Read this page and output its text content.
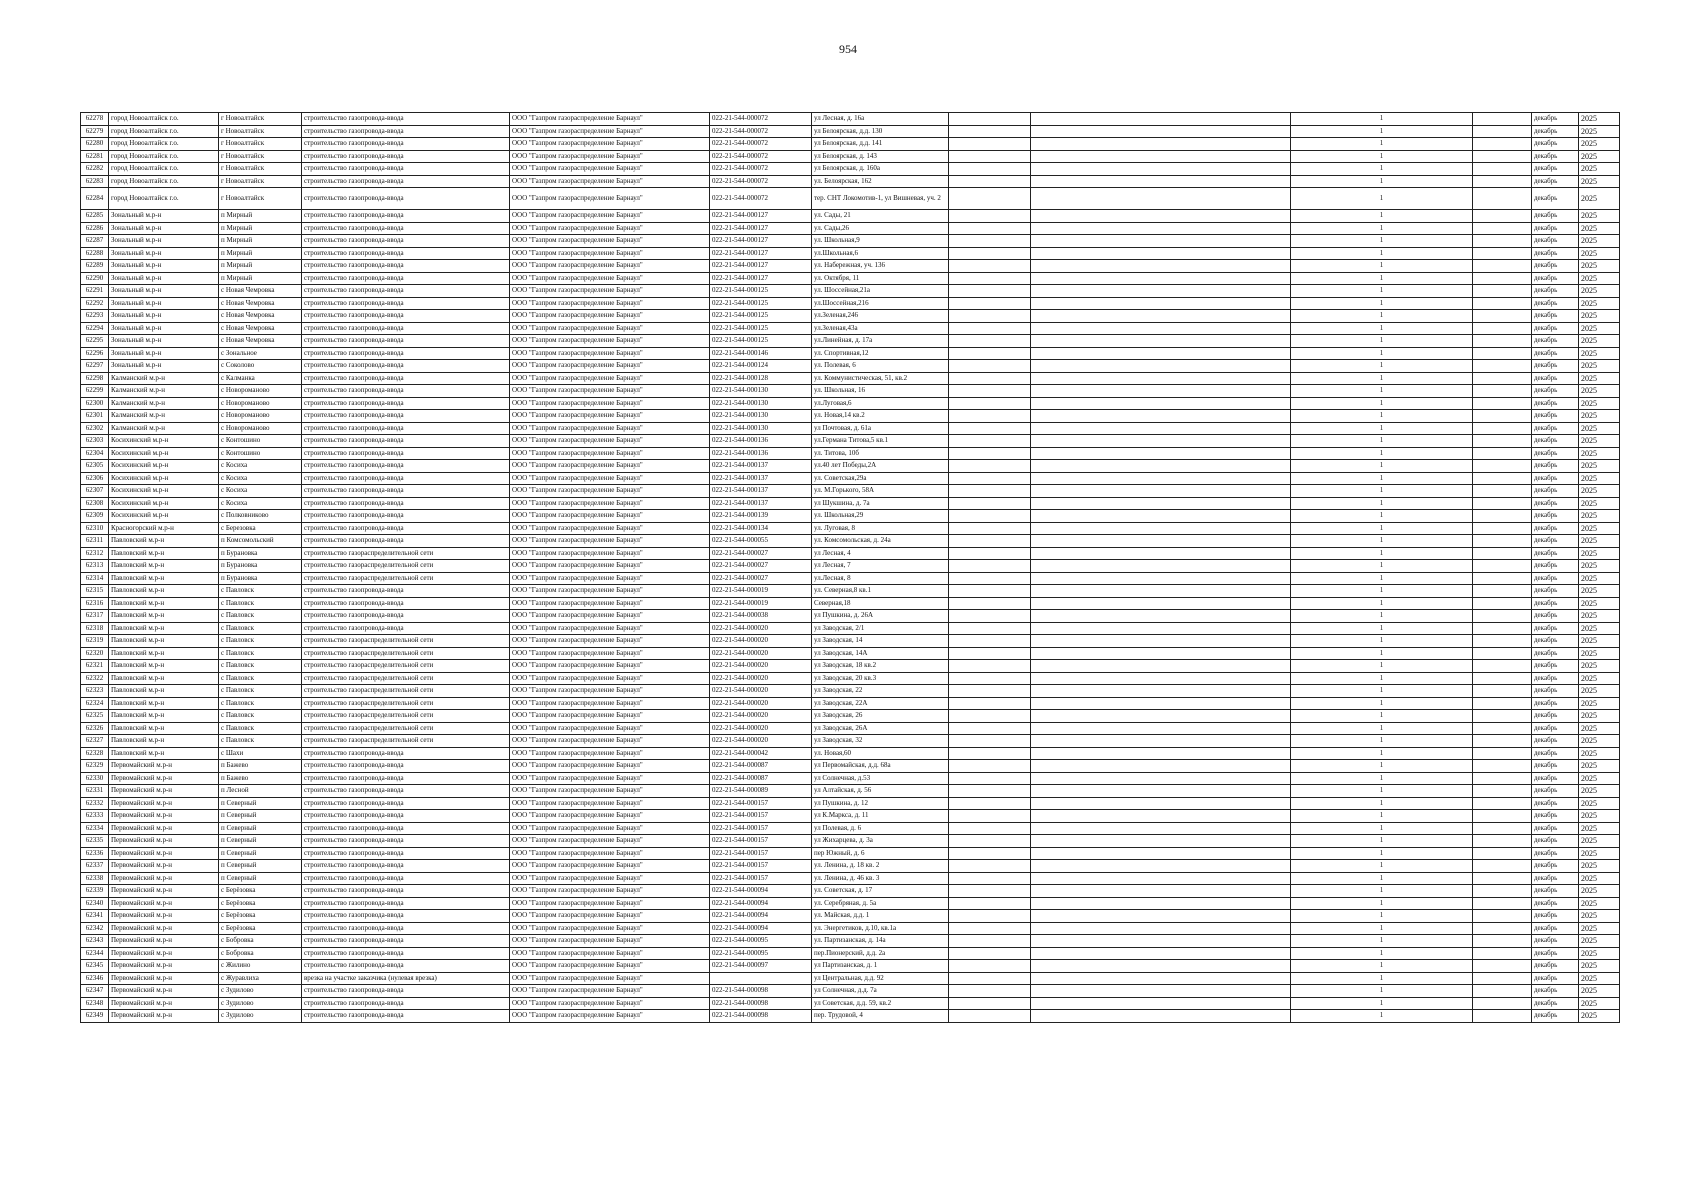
954
62278	город Новоалтайск г.о.	г Новоалтайск	строительство газопровода-ввода	ООО "Газпром газораспределение Барнаул"	022-21-544-000072	ул Лесная, д. 16а			1		декабрь	2025
62279	город Новоалтайск г.о.	г Новоалтайск	строительство газопровода-ввода	ООО "Газпром газораспределение Барнаул"	022-21-544-000072	ул Белоярская, д.д. 130			1		декабрь	2025
62280	город Новоалтайск г.о.	г Новоалтайск	строительство газопровода-ввода	ООО "Газпром газораспределение Барнаул"	022-21-544-000072	ул Белоярская, д.д. 141			1		декабрь	2025
62281	город Новоалтайск г.о.	г Новоалтайск	строительство газопровода-ввода	ООО "Газпром газораспределение Барнаул"	022-21-544-000072	ул Белоярская, д. 143			1		декабрь	2025
62282	город Новоалтайск г.о.	г Новоалтайск	строительство газопровода-ввода	ООО "Газпром газораспределение Барнаул"	022-21-544-000072	ул Белоярская, д. 160а			1		декабрь	2025
62283	город Новоалтайск г.о.	г Новоалтайск	строительство газопровода-ввода	ООО "Газпром газораспределение Барнаул"	022-21-544-000072	ул. Белоярская, 162			1		декабрь	2025
62284	город Новоалтайск г.о.	г Новоалтайск	строительство газопровода-ввода	ООО "Газпром газораспределение Барнаул"	022-21-544-000072	тер. СНТ Локомотив-1, ул Вишневая, уч. 2			1		декабрь	2025
62285	Зональный м.р-н	п Мирный	строительство газопровода-ввода	ООО "Газпром газораспределение Барнаул"	022-21-544-000127	ул. Сады, 21			1		декабрь	2025
62286	Зональный м.р-н	п Мирный	строительство газопровода-ввода	ООО "Газпром газораспределение Барнаул"	022-21-544-000127	ул. Сады,26			1		декабрь	2025
62287	Зональный м.р-н	п Мирный	строительство газопровода-ввода	ООО "Газпром газораспределение Барнаул"	022-21-544-000127	ул. Школьная,9			1		декабрь	2025
62288	Зональный м.р-н	п Мирный	строительство газопровода-ввода	ООО "Газпром газораспределение Барнаул"	022-21-544-000127	ул.Школьная,6			1		декабрь	2025
62289	Зональный м.р-н	п Мирный	строительство газопровода-ввода	ООО "Газпром газораспределение Барнаул"	022-21-544-000127	ул. Набережная, уч. 136			1		декабрь	2025
62290	Зональный м.р-н	п Мирный	строительство газопровода-ввода	ООО "Газпром газораспределение Барнаул"	022-21-544-000127	ул. Октября, 11			1		декабрь	2025
62291	Зональный м.р-н	с Новая Чемровка	строительство газопровода-ввода	ООО "Газпром газораспределение Барнаул"	022-21-544-000125	ул. Шоссейная,21а			1		декабрь	2025
62292	Зональный м.р-н	с Новая Чемровка	строительство газопровода-ввода	ООО "Газпром газораспределение Барнаул"	022-21-544-000125	ул.Шоссейная,216			1		декабрь	2025
62293	Зональный м.р-н	с Новая Чемровка	строительство газопровода-ввода	ООО "Газпром газораспределение Барнаул"	022-21-544-000125	ул.Зеленая,246			1		декабрь	2025
62294	Зональный м.р-н	с Новая Чемровка	строительство газопровода-ввода	ООО "Газпром газораспределение Барнаул"	022-21-544-000125	ул.Зеленая,43а			1		декабрь	2025
62295	Зональный м.р-н	с Новая Чемровка	строительство газопровода-ввода	ООО "Газпром газораспределение Барнаул"	022-21-544-000125	ул.Линейная, д. 17а			1		декабрь	2025
62296	Зональный м.р-н	с Зональное	строительство газопровода-ввода	ООО "Газпром газораспределение Барнаул"	022-21-544-000146	ул. Спортивная,12			1		декабрь	2025
62297	Зональный м.р-н	с Соколово	строительство газопровода-ввода	ООО "Газпром газораспределение Барнаул"	022-21-544-000124	ул. Полевая, 6			1		декабрь	2025
62298	Калманский м.р-н	с Калманка	строительство газопровода-ввода	ООО "Газпром газораспределение Барнаул"	022-21-544-000128	ул. Коммунистическая, 51, кв.2			1		декабрь	2025
62299	Калманский м.р-н	с Новороманово	строительство газопровода-ввода	ООО "Газпром газораспределение Барнаул"	022-21-544-000130	ул. Школьная, 16			1		декабрь	2025
62300	Калманский м.р-н	с Новороманово	строительство газопровода-ввода	ООО "Газпром газораспределение Барнаул"	022-21-544-000130	ул.Луговая,6			1		декабрь	2025
62301	Калманский м.р-н	с Новороманово	строительство газопровода-ввода	ООО "Газпром газораспределение Барнаул"	022-21-544-000130	ул. Новая,14 кв.2			1		декабрь	2025
62302	Калманский м.р-н	с Новороманово	строительство газопровода-ввода	ООО "Газпром газораспределение Барнаул"	022-21-544-000130	ул Почтовая, д. 61а			1		декабрь	2025
62303	Косихинский м.р-н	с Контошино	строительство газопровода-ввода	ООО "Газпром газораспределение Барнаул"	022-21-544-000136	ул.Германа Титова,5 кв.1			1		декабрь	2025
62304	Косихинский м.р-н	с Контошино	строительство газопровода-ввода	ООО "Газпром газораспределение Барнаул"	022-21-544-000136	ул. Титова, 10б			1		декабрь	2025
62305	Косихинский м.р-н	с Косиха	строительство газопровода-ввода	ООО "Газпром газораспределение Барнаул"	022-21-544-000137	ул.40 лет Победы,2А			1		декабрь	2025
62306	Косихинский м.р-н	с Косиха	строительство газопровода-ввода	ООО "Газпром газораспределение Барнаул"	022-21-544-000137	ул. Советская,29а			1		декабрь	2025
62307	Косихинский м.р-н	с Косиха	строительство газопровода-ввода	ООО "Газпром газораспределение Барнаул"	022-21-544-000137	ул. М.Горького, 58А			1		декабрь	2025
62308	Косихинский м.р-н	с Косиха	строительство газопровода-ввода	ООО "Газпром газораспределение Барнаул"	022-21-544-000137	ул Шукшина, д. 7а			1		декабрь	2025
62309	Косихинский м.р-н	с Полковниково	строительство газопровода-ввода	ООО "Газпром газораспределение Барнаул"	022-21-544-000139	ул. Школьная,29			1		декабрь	2025
62310	Красногорский м.р-н	с Березовка	строительство газопровода-ввода	ООО "Газпром газораспределение Барнаул"	022-21-544-000134	ул. Луговая, 8			1		декабрь	2025
62311	Павловский м.р-н	п Комсомольский	строительство газопровода-ввода	ООО "Газпром газораспределение Барнаул"	022-21-544-000055	ул. Комсомольская, д. 24а			1		декабрь	2025
62312	Павловский м.р-н	п Бурановка	строительство газораспределительной сети	ООО "Газпром газораспределение Барнаул"	022-21-544-000027	ул Лесная, 4			1		декабрь	2025
62313	Павловский м.р-н	п Бурановка	строительство газораспределительной сети	ООО "Газпром газораспределение Барнаул"	022-21-544-000027	ул Лесная, 7			1		декабрь	2025
62314	Павловский м.р-н	п Бурановка	строительство газораспределительной сети	ООО "Газпром газораспределение Барнаул"	022-21-544-000027	ул.Лесная, 8			1		декабрь	2025
62315	Павловский м.р-н	с Павловск	строительство газопровода-ввода	ООО "Газпром газораспределение Барнаул"	022-21-544-000019	ул. Северная,8 кв.1			1		декабрь	2025
62316	Павловский м.р-н	с Павловск	строительство газопровода-ввода	ООО "Газпром газораспределение Барнаул"	022-21-544-000019	Северная,18			1		декабрь	2025
62317	Павловский м.р-н	с Павловск	строительство газопровода-ввода	ООО "Газпром газораспределение Барнаул"	022-21-544-000038	ул Пушкина, д. 26А			1		декабрь	2025
62318	Павловский м.р-н	с Павловск	строительство газопровода-ввода	ООО "Газпром газораспределение Барнаул"	022-21-544-000020	ул Заводская, 2/1			1		декабрь	2025
62319	Павловский м.р-н	с Павловск	строительство газораспределительной сети	ООО "Газпром газораспределение Барнаул"	022-21-544-000020	ул Заводская, 14			1		декабрь	2025
62320	Павловский м.р-н	с Павловск	строительство газораспределительной сети	ООО "Газпром газораспределение Барнаул"	022-21-544-000020	ул Заводская, 14А			1		декабрь	2025
62321	Павловский м.р-н	с Павловск	строительство газораспределительной сети	ООО "Газпром газораспределение Барнаул"	022-21-544-000020	ул Заводская, 18 кв.2			1		декабрь	2025
62322	Павловский м.р-н	с Павловск	строительство газораспределительной сети	ООО "Газпром газораспределение Барнаул"	022-21-544-000020	ул Заводская, 20 кв.3			1		декабрь	2025
62323	Павловский м.р-н	с Павловск	строительство газораспределительной сети	ООО "Газпром газораспределение Барнаул"	022-21-544-000020	ул Заводская, 22			1		декабрь	2025
62324	Павловский м.р-н	с Павловск	строительство газораспределительной сети	ООО "Газпром газораспределение Барнаул"	022-21-544-000020	ул Заводская, 22А			1		декабрь	2025
62325	Павловский м.р-н	с Павловск	строительство газораспределительной сети	ООО "Газпром газораспределение Барнаул"	022-21-544-000020	ул Заводская, 26			1		декабрь	2025
62326	Павловский м.р-н	с Павловск	строительство газораспределительной сети	ООО "Газпром газораспределение Барнаул"	022-21-544-000020	ул Заводская, 26А			1		декабрь	2025
62327	Павловский м.р-н	с Павловск	строительство газораспределительной сети	ООО "Газпром газораспределение Барнаул"	022-21-544-000020	ул Заводская, 32			1		декабрь	2025
62328	Павловский м.р-н	с Шахи	строительство газопровода-ввода	ООО "Газпром газораспределение Барнаул"	022-21-544-000042	ул. Новая,60			1		декабрь	2025
62329	Первомайский м.р-н	п Бажево	строительство газопровода-ввода	ООО "Газпром газораспределение Барнаул"	022-21-544-000087	ул Первомайская, д.д. 68а			1		декабрь	2025
62330	Первомайский м.р-н	п Бажево	строительство газопровода-ввода	ООО "Газпром газораспределение Барнаул"	022-21-544-000087	ул Солнечная, д.53			1		декабрь	2025
62331	Первомайский м.р-н	п Лесной	строительство газопровода-ввода	ООО "Газпром газораспределение Барнаул"	022-21-544-000089	ул Алтайская, д. 56			1		декабрь	2025
62332	Первомайский м.р-н	п Северный	строительство газопровода-ввода	ООО "Газпром газораспределение Барнаул"	022-21-544-000157	ул Пушкина, д. 12			1		декабрь	2025
62333	Первомайский м.р-н	п Северный	строительство газопровода-ввода	ООО "Газпром газораспределение Барнаул"	022-21-544-000157	ул К.Маркса, д. 11			1		декабрь	2025
62334	Первомайский м.р-н	п Северный	строительство газопровода-ввода	ООО "Газпром газораспределение Барнаул"	022-21-544-000157	ул Полевая, д. 6			1		декабрь	2025
62335	Первомайский м.р-н	п Северный	строительство газопровода-ввода	ООО "Газпром газораспределение Барнаул"	022-21-544-000157	ул Жихарцева, д. 3а			1		декабрь	2025
62336	Первомайский м.р-н	п Северный	строительство газопровода-ввода	ООО "Газпром газораспределение Барнаул"	022-21-544-000157	пер Южный, д. 6			1		декабрь	2025
62337	Первомайский м.р-н	п Северный	строительство газопровода-ввода	ООО "Газпром газораспределение Барнаул"	022-21-544-000157	ул. Ленина, д. 18 кв. 2			1		декабрь	2025
62338	Первомайский м.р-н	п Северный	строительство газопровода-ввода	ООО "Газпром газораспределение Барнаул"	022-21-544-000157	ул. Ленина, д. 46 кв. 3			1		декабрь	2025
62339	Первомайский м.р-н	с Берёзовка	строительство газопровода-ввода	ООО "Газпром газораспределение Барнаул"	022-21-544-000094	ул. Советская, д. 17			1		декабрь	2025
62340	Первомайский м.р-н	с Берёзовка	строительство газопровода-ввода	ООО "Газпром газораспределение Барнаул"	022-21-544-000094	ул. Серебряная, д. 5а			1		декабрь	2025
62341	Первомайский м.р-н	с Берёзовка	строительство газопровода-ввода	ООО "Газпром газораспределение Барнаул"	022-21-544-000094	ул. Майская, д.д. 1			1		декабрь	2025
62342	Первомайский м.р-н	с Берёзовка	строительство газопровода-ввода	ООО "Газпром газораспределение Барнаул"	022-21-544-000094	ул. Энергетиков, д.10, кв.1а			1		декабрь	2025
62343	Первомайский м.р-н	с Бобровка	строительство газопровода-ввода	ООО "Газпром газораспределение Барнаул"	022-21-544-000095	ул. Партизанская, д. 14а			1		декабрь	2025
62344	Первомайский м.р-н	с Бобровка	строительство газопровода-ввода	ООО "Газпром газораспределение Барнаул"	022-21-544-000095	пер.Пионерский, д.д. 2а			1		декабрь	2025
62345	Первомайский м.р-н	с Жилино	строительство газопровода-ввода	ООО "Газпром газораспределение Барнаул"	022-21-544-000097	ул Партизанская, д. 1			1		декабрь	2025
62346	Первомайский м.р-н	с Журавлиха	врезка на участке заказчика (нулевая врезка)	ООО "Газпром газораспределение Барнаул"		ул Центральная, д.д. 92			1		декабрь	2025
62347	Первомайский м.р-н	с Зудилово	строительство газопровода-ввода	ООО "Газпром газораспределение Барнаул"	022-21-544-000098	ул Солнечная, д.д. 7а			1		декабрь	2025
62348	Первомайский м.р-н	с Зудилово	строительство газопровода-ввода	ООО "Газпром газораспределение Барнаул"	022-21-544-000098	ул Советская, д.д. 59, кв.2			1		декабрь	2025
62349	Первомайский м.р-н	с Зудилово	строительство газопровода-ввода	ООО "Газпром газораспределение Барнаул"	022-21-544-000098	пер. Трудовой, 4			1		декабрь	2025
